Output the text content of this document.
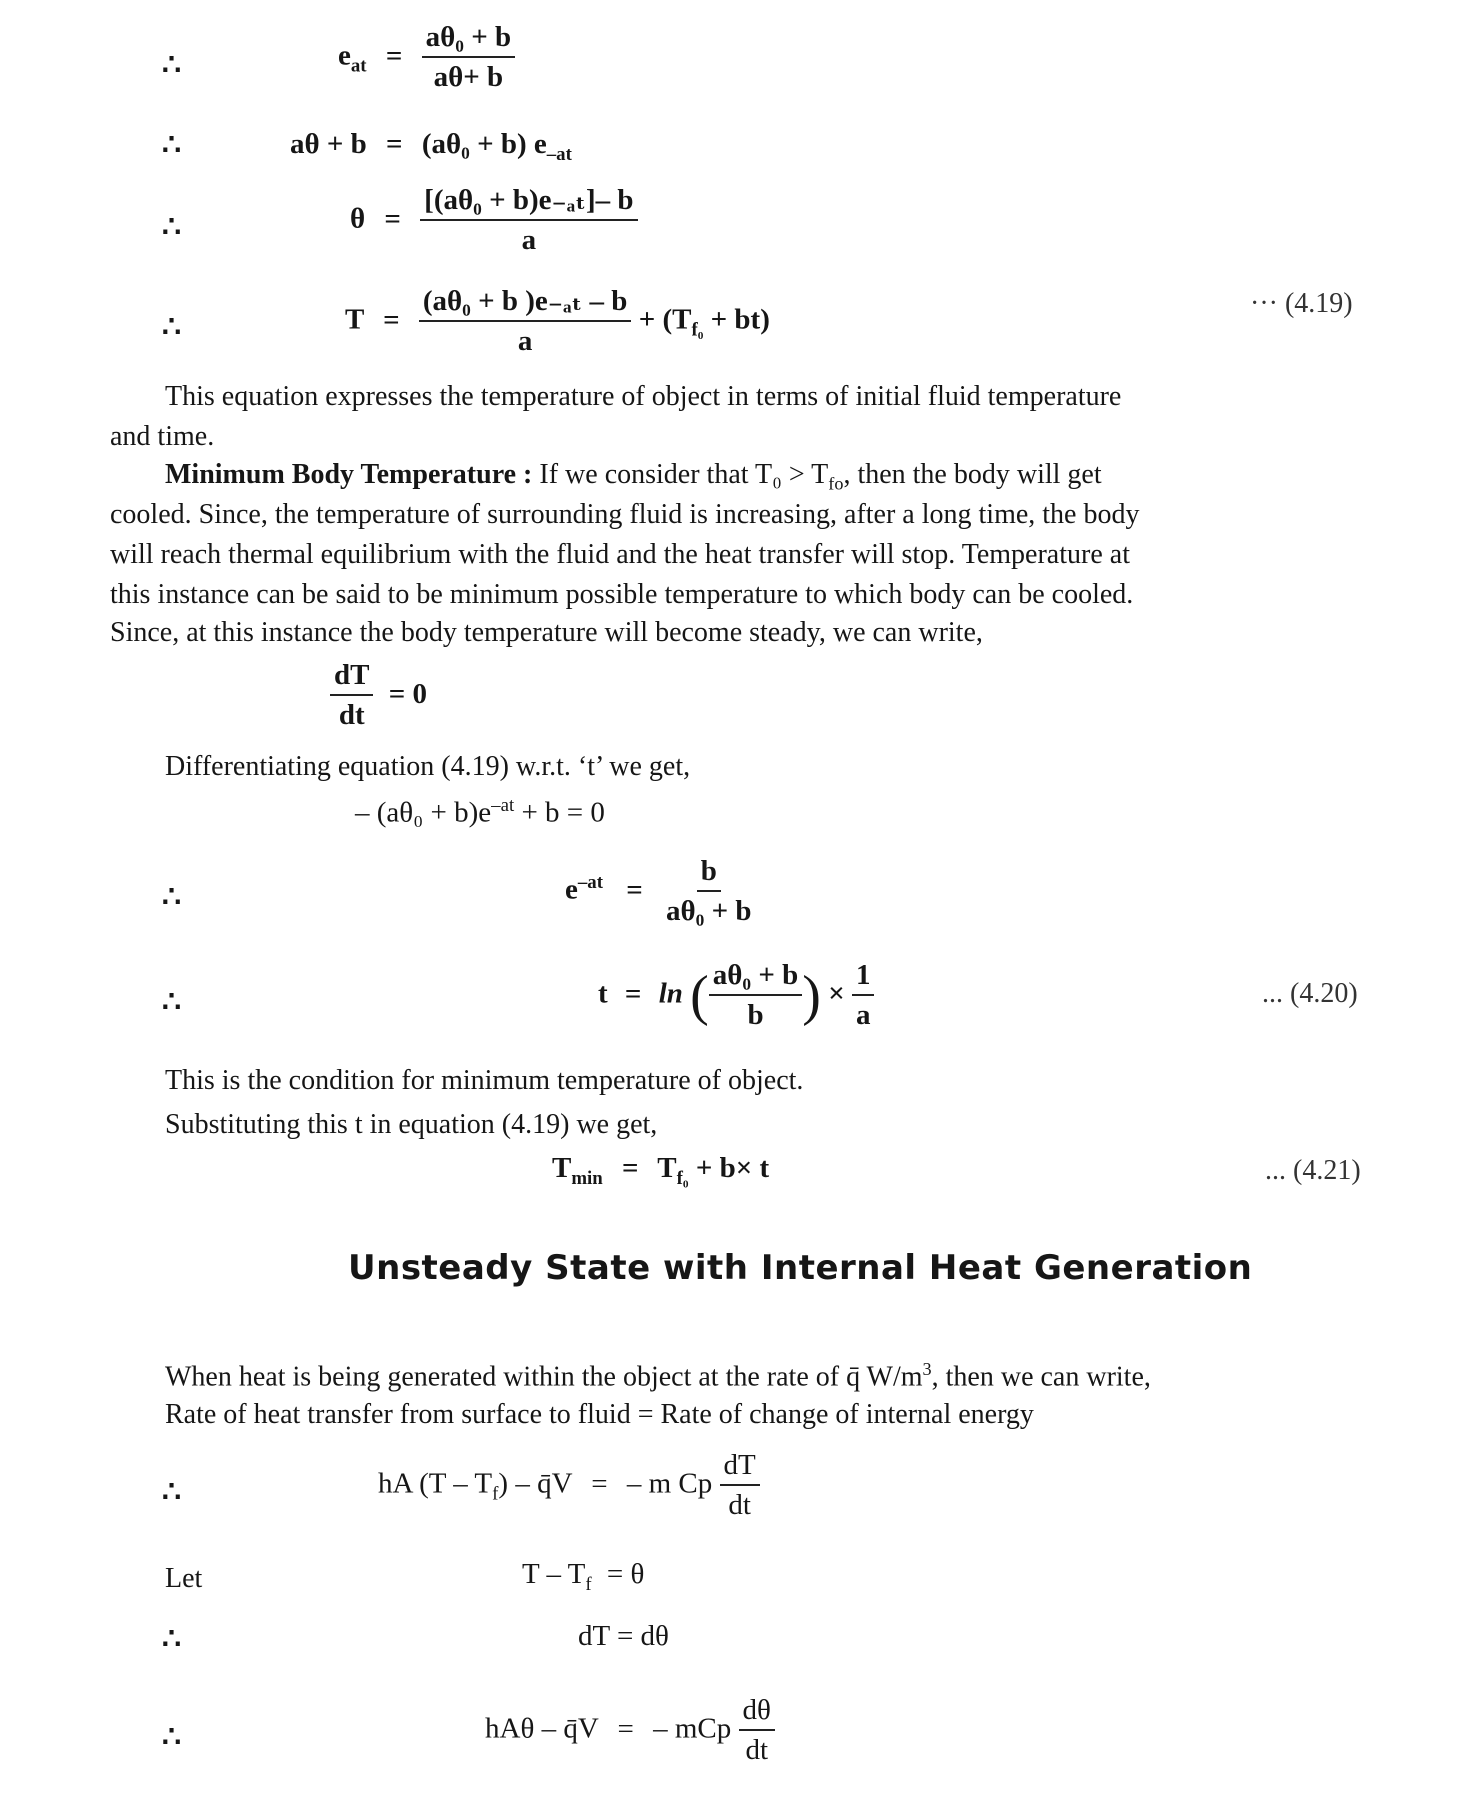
∴	$e_{at} = \frac{\text{aθ₀ + b}}{a\theta+ b}$
∴	aθ + b = (aθ₀ + b) $e_{-at}$
∴	$\theta = \frac{\text{[(aθ₀ + b)e₋ₐₜ]– b}}{a}$
∴	$T = \frac{\text{(aθ₀ + b )e₋ₐₜ – b}}{a} + (T_{f_0} + bt)$
··· (4.19)
This equation expresses the temperature of object in terms of initial fluid temperature
and time.
Minimum Body Temperature : If we consider that $T_0 > T_{fo}$, then the body will get
cooled. Since, the temperature of surrounding fluid is increasing, after a long time, the body
will reach thermal equilibrium with the fluid and the heat transfer will stop. Temperature at
this instance can be said to be minimum possible temperature to which body can be cooled.
Since, at this instance the body temperature will become steady, we can write,
$\frac{dT}{dt} = 0$
Differentiating equation (4.19) w.r.t. ‘t’ we get,
– $(a\theta_0 + b)e^{-at} + b = 0$
∴	$e^{-at} = \frac{b}{\text{aθ₀ + b}}$
∴	t = ln ( $\frac{\text{aθ₀ + b}}{b}$ ) × $\frac{1}{a}$	... (4.20)
This is the condition for minimum temperature of object.
Substituting this t in equation (4.19) we get,
$T_{min} = T_{f_0} + b\times t$	... (4.21)
Unsteady State with Internal Heat Generation
When heat is being generated within the object at the rate of q̄ $W/m^3$, then we can write,
Rate of heat transfer from surface to fluid = Rate of change of internal energy
∴	hA $(T - T_f)$ – q̄V = – m Cp $\frac{dT}{dt}$
Let	$T - T_f = \theta$
∴	dT = dθ
∴	hAθ – q̄V = – mCp $\frac{d\theta}{dt}$
